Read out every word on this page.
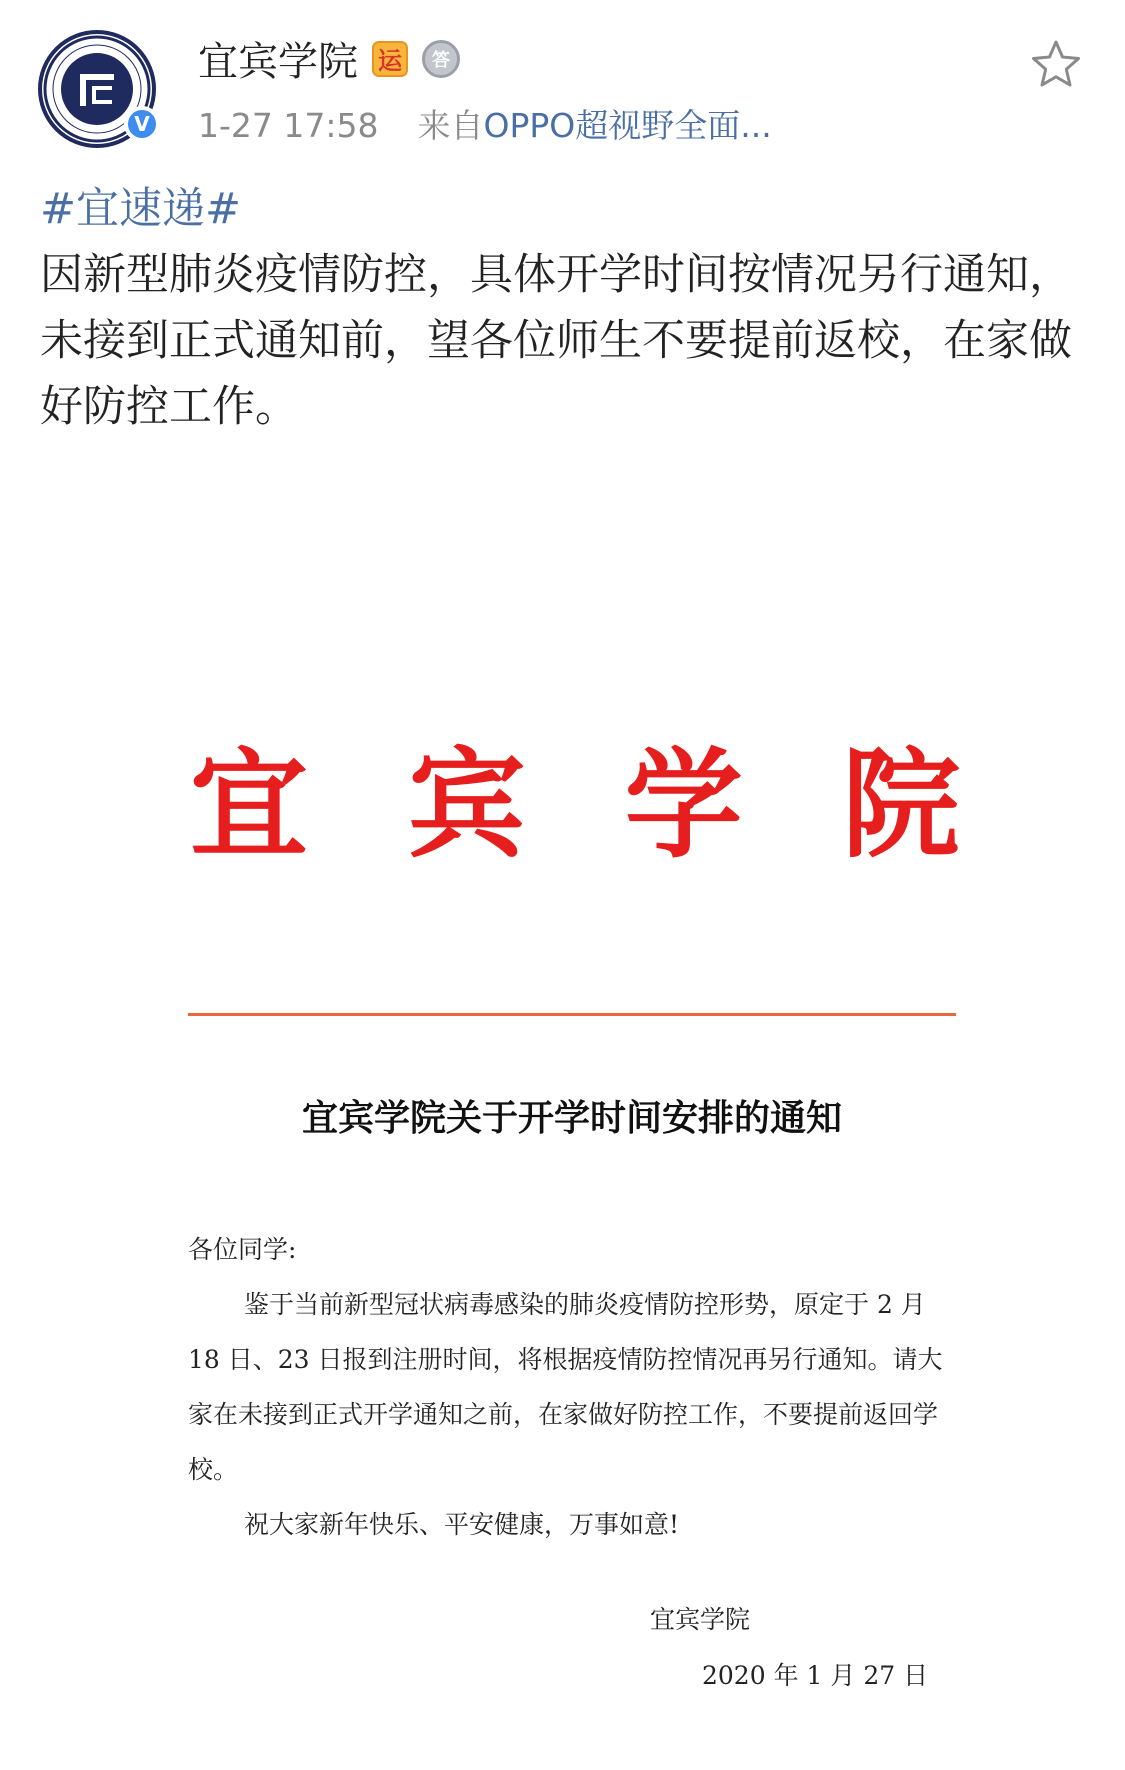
V
宜宾学院 运	答
1-27 17:58 来自OPPO超视野全面...
#宜速递#
因新型肺炎疫情防控，具体开学时间按情况另行通知，未接到正式通知前，望各位师生不要提前返校，在家做好防控工作。
宜 宾 学 院
宜宾学院关于开学时间安排的通知

各位同学:

鉴于当前新型冠状病毒感染的肺炎疫情防控形势，原定于 2 月 18 日、23 日报到注册时间，将根据疫情防控情况再另行通知。请大家在未接到正式开学通知之前，在家做好防控工作，不要提前返回学校。

祝大家新年快乐、平安健康，万事如意!

宜宾学院
2020 年 1 月 27 日
